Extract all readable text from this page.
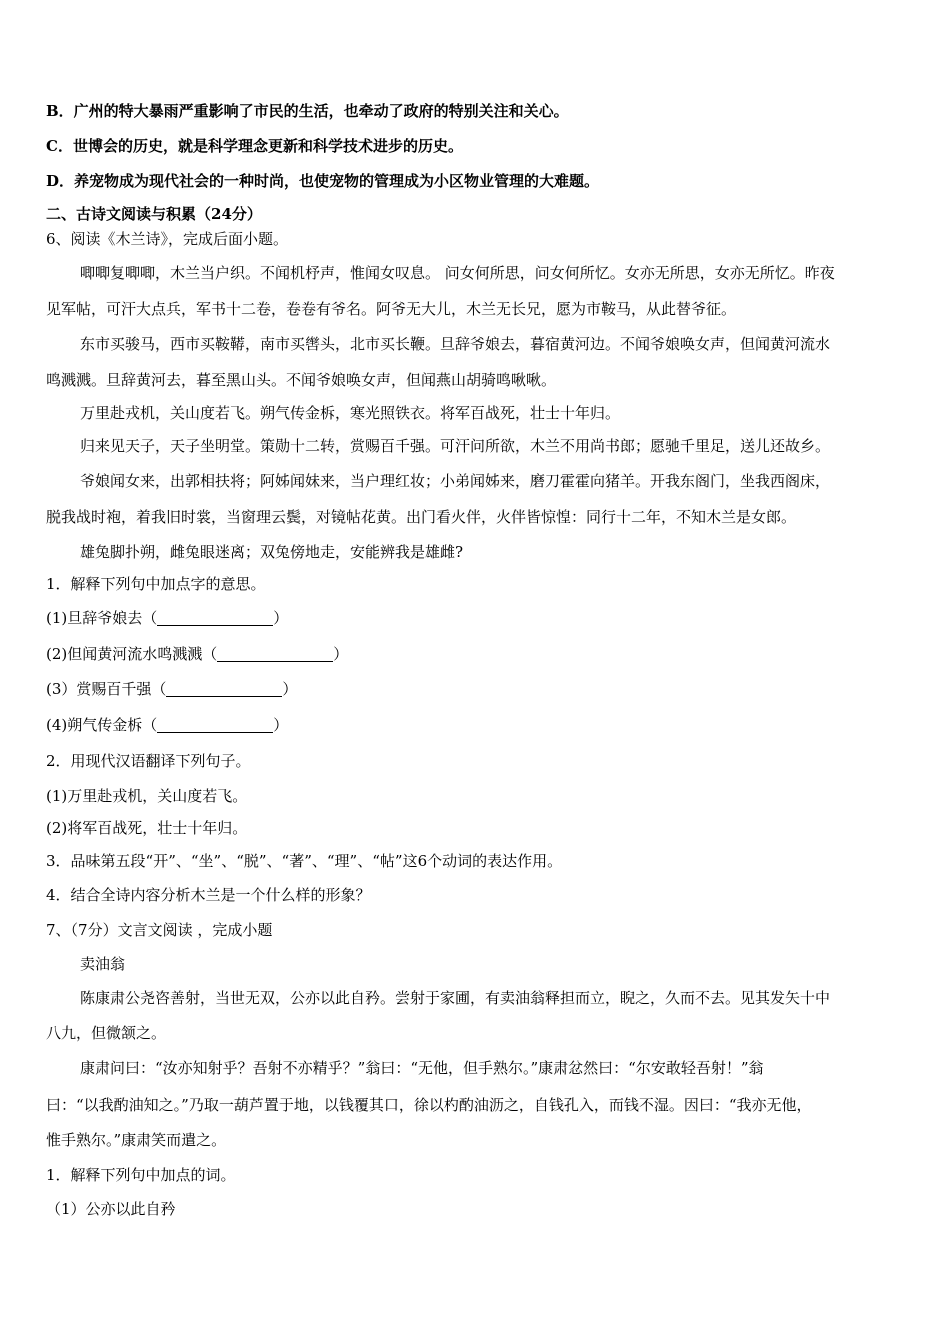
B．广州的特大暴雨严重影响了市民的生活，也牵动了政府的特别关注和关心。
C．世博会的历史，就是科学理念更新和科学技术进步的历史。
D．养宠物成为现代社会的一种时尚，也使宠物的管理成为小区物业管理的大难题。
二、古诗文阅读与积累（24分）
6、阅读《木兰诗》，完成后面小题。
唧唧复唧唧，木兰当户织。不闻机杼声，惟闻女叹息。 问女何所思，问女何所忆。女亦无所思，女亦无所忆。昨夜
见军帖，可汗大点兵，军书十二卷，卷卷有爷名。阿爷无大儿，木兰无长兄，愿为市鞍马，从此替爷征。
东市买骏马，西市买鞍鞯，南市买辔头，北市买长鞭。旦辞爷娘去，暮宿黄河边。不闻爷娘唤女声，但闻黄河流水
鸣溅溅。旦辞黄河去，暮至黑山头。不闻爷娘唤女声，但闻燕山胡骑鸣啾啾。
万里赴戎机，关山度若飞。朔气传金柝，寒光照铁衣。将军百战死，壮士十年归。
归来见天子，天子坐明堂。策勋十二转，赏赐百千强。可汗问所欲，木兰不用尚书郎；愿驰千里足，送儿还故乡。
爷娘闻女来，出郭相扶将；阿姊闻妹来，当户理红妆；小弟闻姊来，磨刀霍霍向猪羊。开我东阁门，坐我西阁床，
脱我战时袍，着我旧时裳，当窗理云鬓，对镜帖花黄。出门看火伴，火伴皆惊惶：同行十二年，不知木兰是女郎。
雄兔脚扑朔，雌兔眼迷离；双兔傍地走，安能辨我是雄雌?
1．解释下列句中加点字的意思。
(1)旦辞爷娘去（	）
(2)但闻黄河流水鸣溅溅（	）
(3）赏赐百千强（	）
(4)朔气传金柝（	）
2．用现代汉语翻译下列句子。
(1)万里赴戎机，关山度若飞。
(2)将军百战死，壮士十年归。
3．品味第五段“开”、“坐”、“脱”、“著”、“理”、“帖”这6个动词的表达作用。
4．结合全诗内容分析木兰是一个什么样的形象？
7、（7分）文言文阅读 ，完成小题
卖油翁
陈康肃公尧咨善射，当世无双，公亦以此自矜。尝射于家圃，有卖油翁释担而立，睨之，久而不去。见其发矢十中
八九，但微颔之。
康肃问曰：“汝亦知射乎？吾射不亦精乎？”翁曰：“无他，但手熟尔。”康肃忿然曰：“尔安敢轻吾射！”翁
曰：“以我酌油知之。”乃取一葫芦置于地，以钱覆其口，徐以杓酌油沥之，自钱孔入，而钱不湿。因曰：“我亦无他，
惟手熟尔。”康肃笑而遣之。
1．解释下列句中加点的词。
（1）公亦以此自矜
